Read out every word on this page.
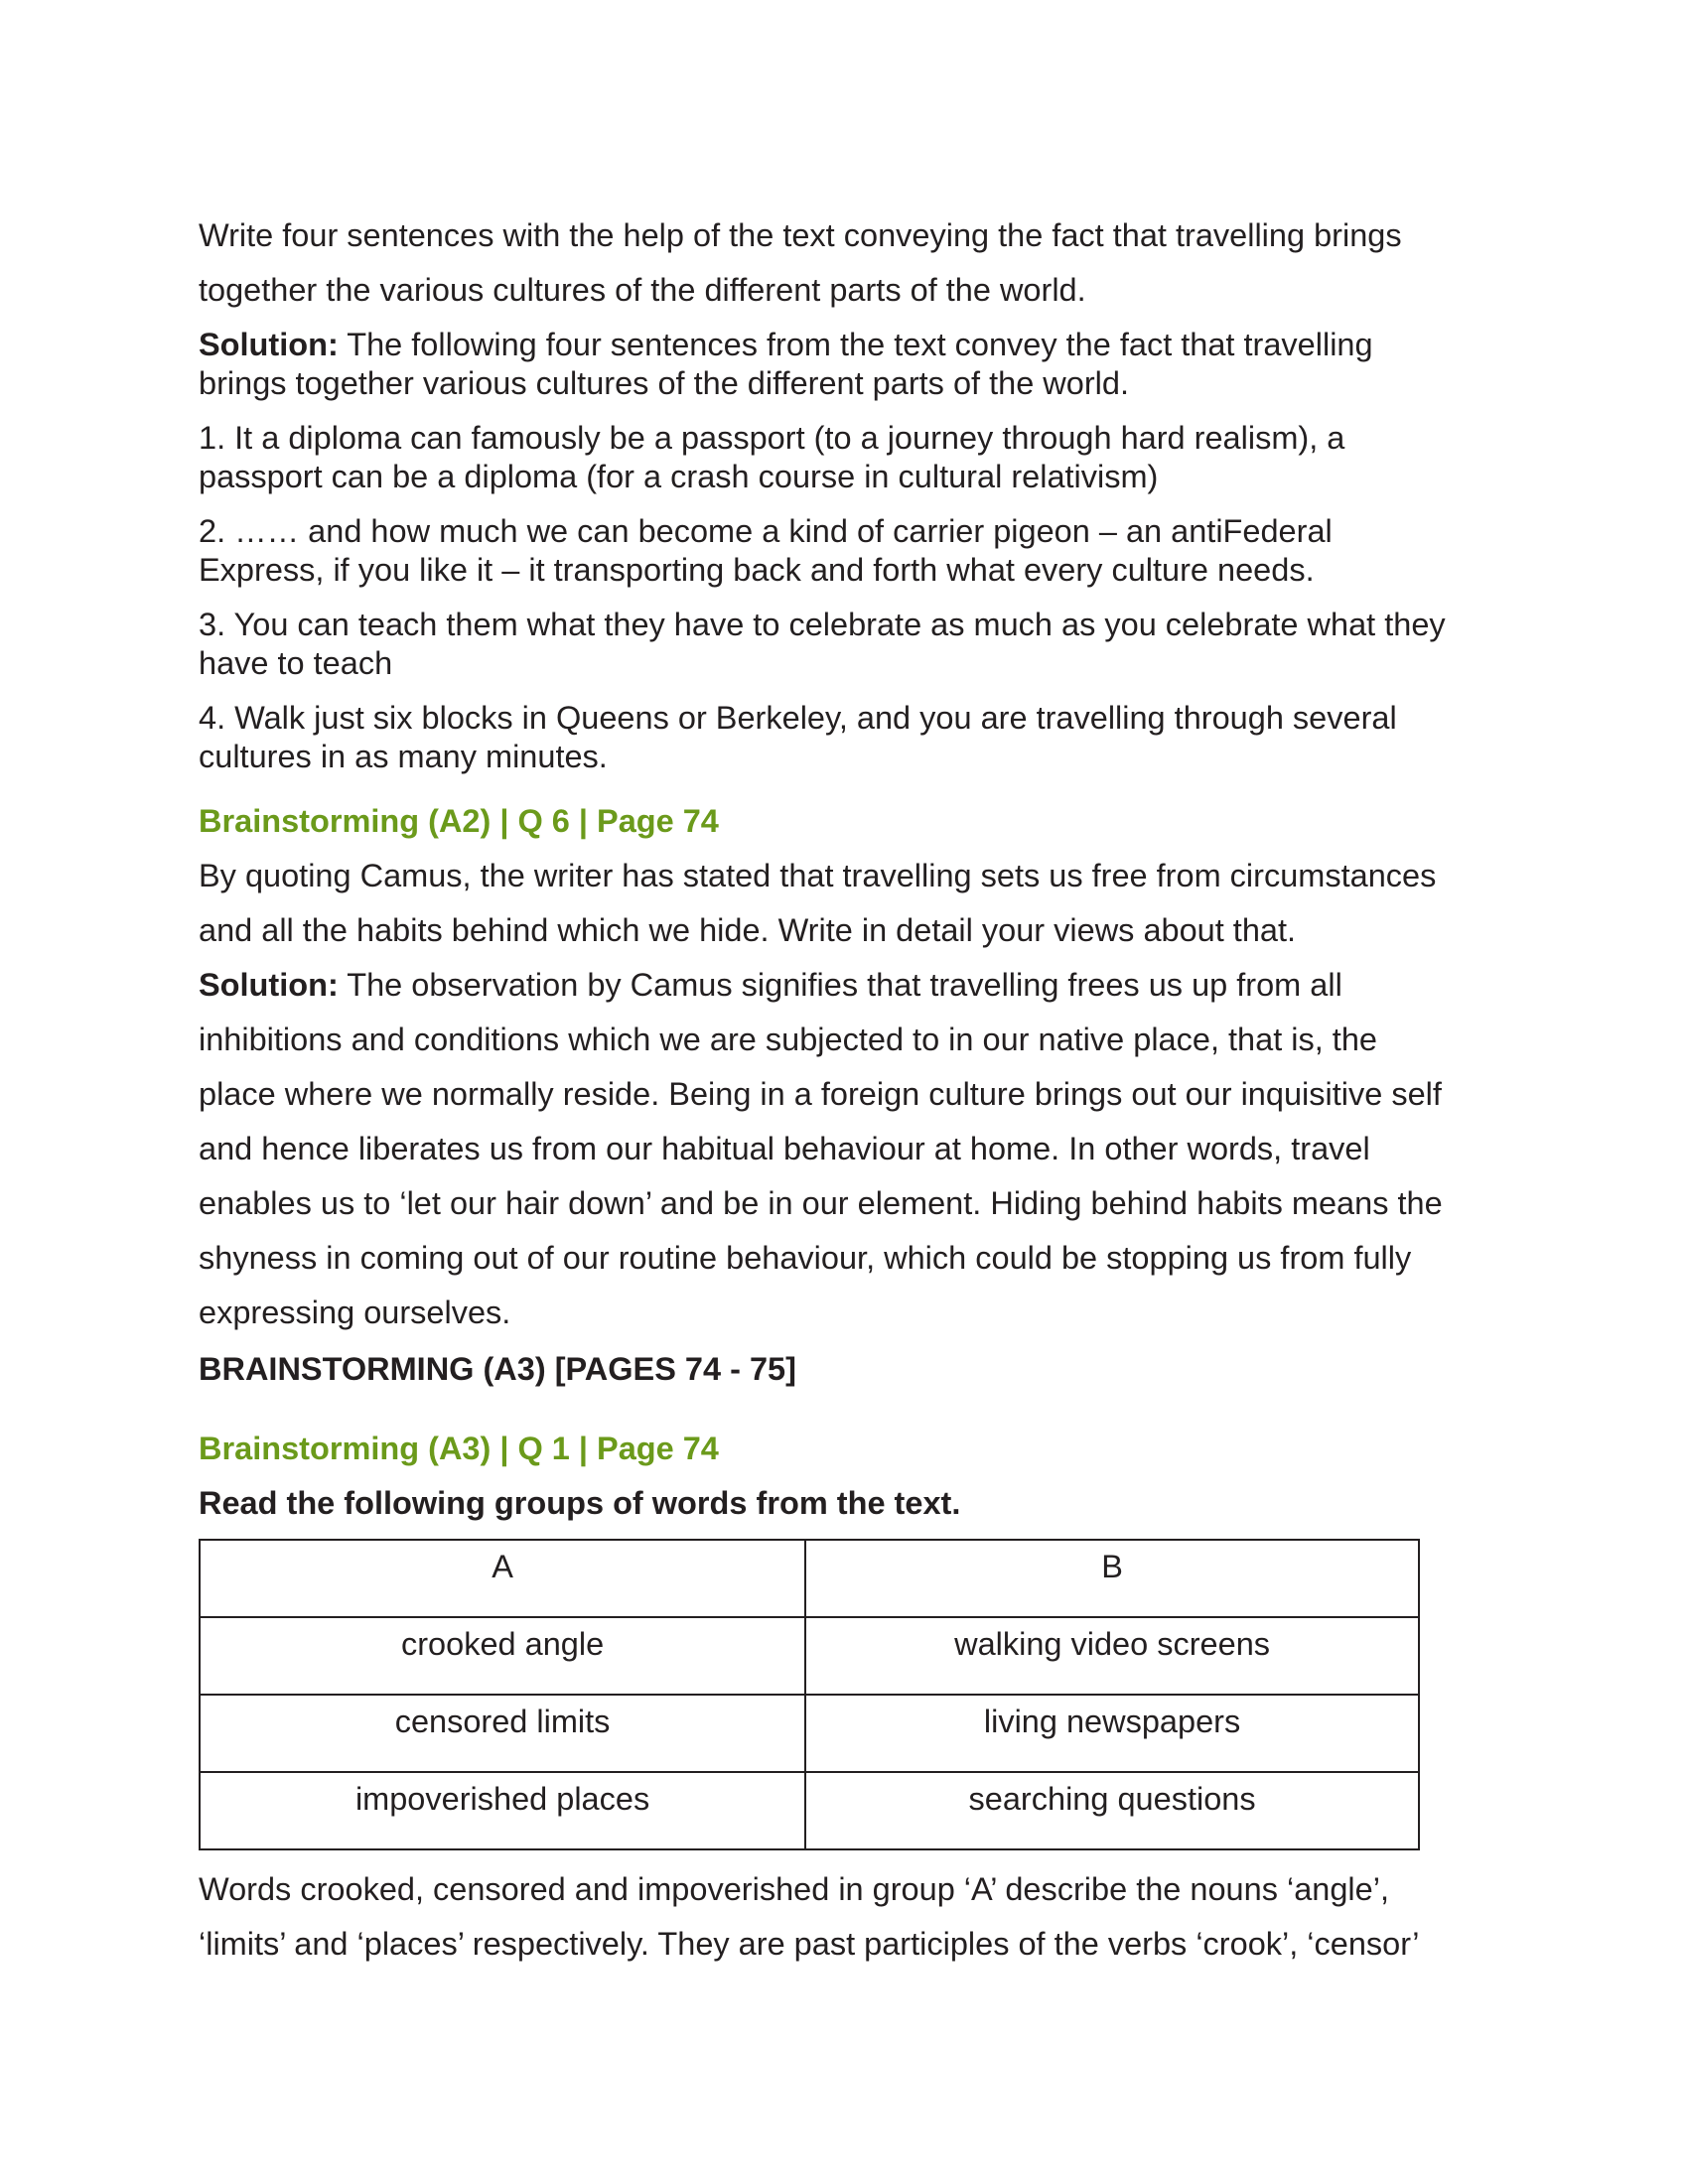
Write four sentences with the help of the text conveying the fact that travelling brings
together the various cultures of the different parts of the world.

Solution: The following four sentences from the text convey the fact that travelling
brings together various cultures of the different parts of the world.

1. It a diploma can famously be a passport (to a journey through hard realism), a
passport can be a diploma (for a crash course in cultural relativism)

2. …… and how much we can become a kind of carrier pigeon – an antiFederal
Express, if you like it – it transporting back and forth what every culture needs.

3. You can teach them what they have to celebrate as much as you celebrate what they
have to teach

4. Walk just six blocks in Queens or Berkeley, and you are travelling through several
cultures in as many minutes.

Brainstorming (A2) | Q 6 | Page 74

By quoting Camus, the writer has stated that travelling sets us free from circumstances
and all the habits behind which we hide. Write in detail your views about that.

Solution: The observation by Camus signifies that travelling frees us up from all
inhibitions and conditions which we are subjected to in our native place, that is, the
place where we normally reside. Being in a foreign culture brings out our inquisitive self
and hence liberates us from our habitual behaviour at home. In other words, travel
enables us to ‘let our hair down’ and be in our element. Hiding behind habits means the
shyness in coming out of our routine behaviour, which could be stopping us from fully
expressing ourselves.

BRAINSTORMING (A3) [PAGES 74 - 75]

Brainstorming (A3) | Q 1 | Page 74

Read the following groups of words from the text.

A	B
crooked angle	walking video screens
censored limits	living newspapers
impoverished places	searching questions

Words crooked, censored and impoverished in group ‘A’ describe the nouns ‘angle’,
‘limits’ and ‘places’ respectively. They are past participles of the verbs ‘crook’, ‘censor’
